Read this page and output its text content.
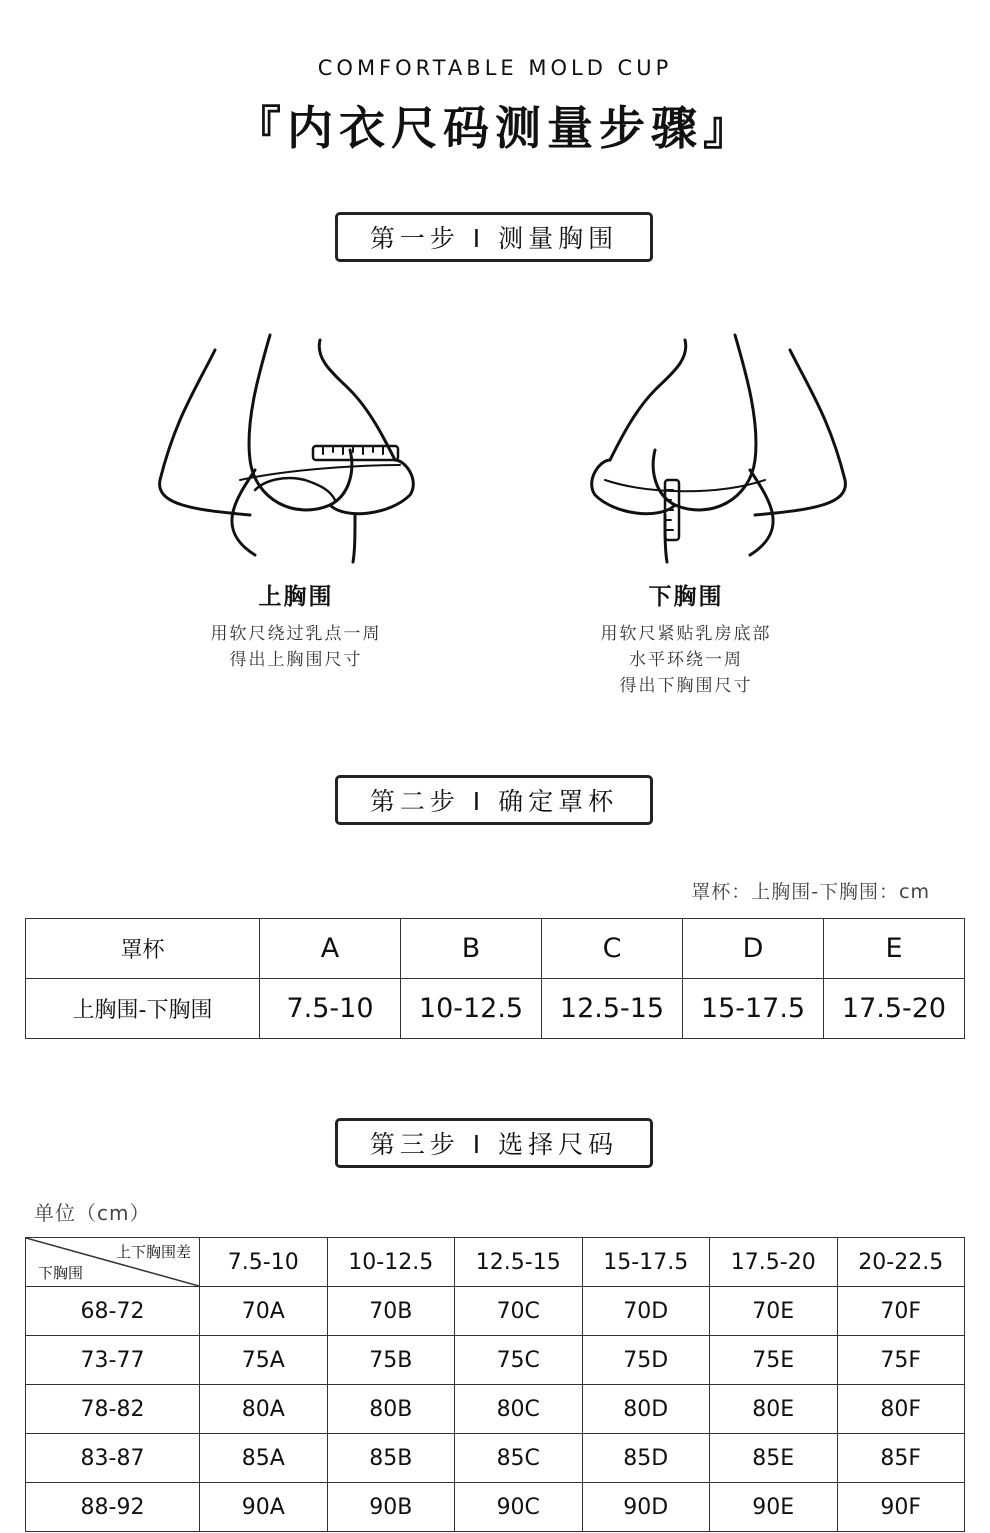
COMFORTABLE MOLD CUP
『内衣尺码测量步骤』
第一步 I 测量胸围
上胸围
用软尺绕过乳点一周
得出上胸围尺寸
下胸围
用软尺紧贴乳房底部
水平环绕一周
得出下胸围尺寸
第二步 I 确定罩杯
罩杯：上胸围-下胸围：cm
罩杯	A	B	C	D	E
上胸围-下胸围	7.5-10	10-12.5	12.5-15	15-17.5	17.5-20
第三步 I 选择尺码
单位（cm）
上下胸围差
下胸围	7.5-10	10-12.5	12.5-15	15-17.5	17.5-20	20-22.5
68-72	70A	70B	70C	70D	70E	70F
73-77	75A	75B	75C	75D	75E	75F
78-82	80A	80B	80C	80D	80E	80F
83-87	85A	85B	85C	85D	85E	85F
88-92	90A	90B	90C	90D	90E	90F
